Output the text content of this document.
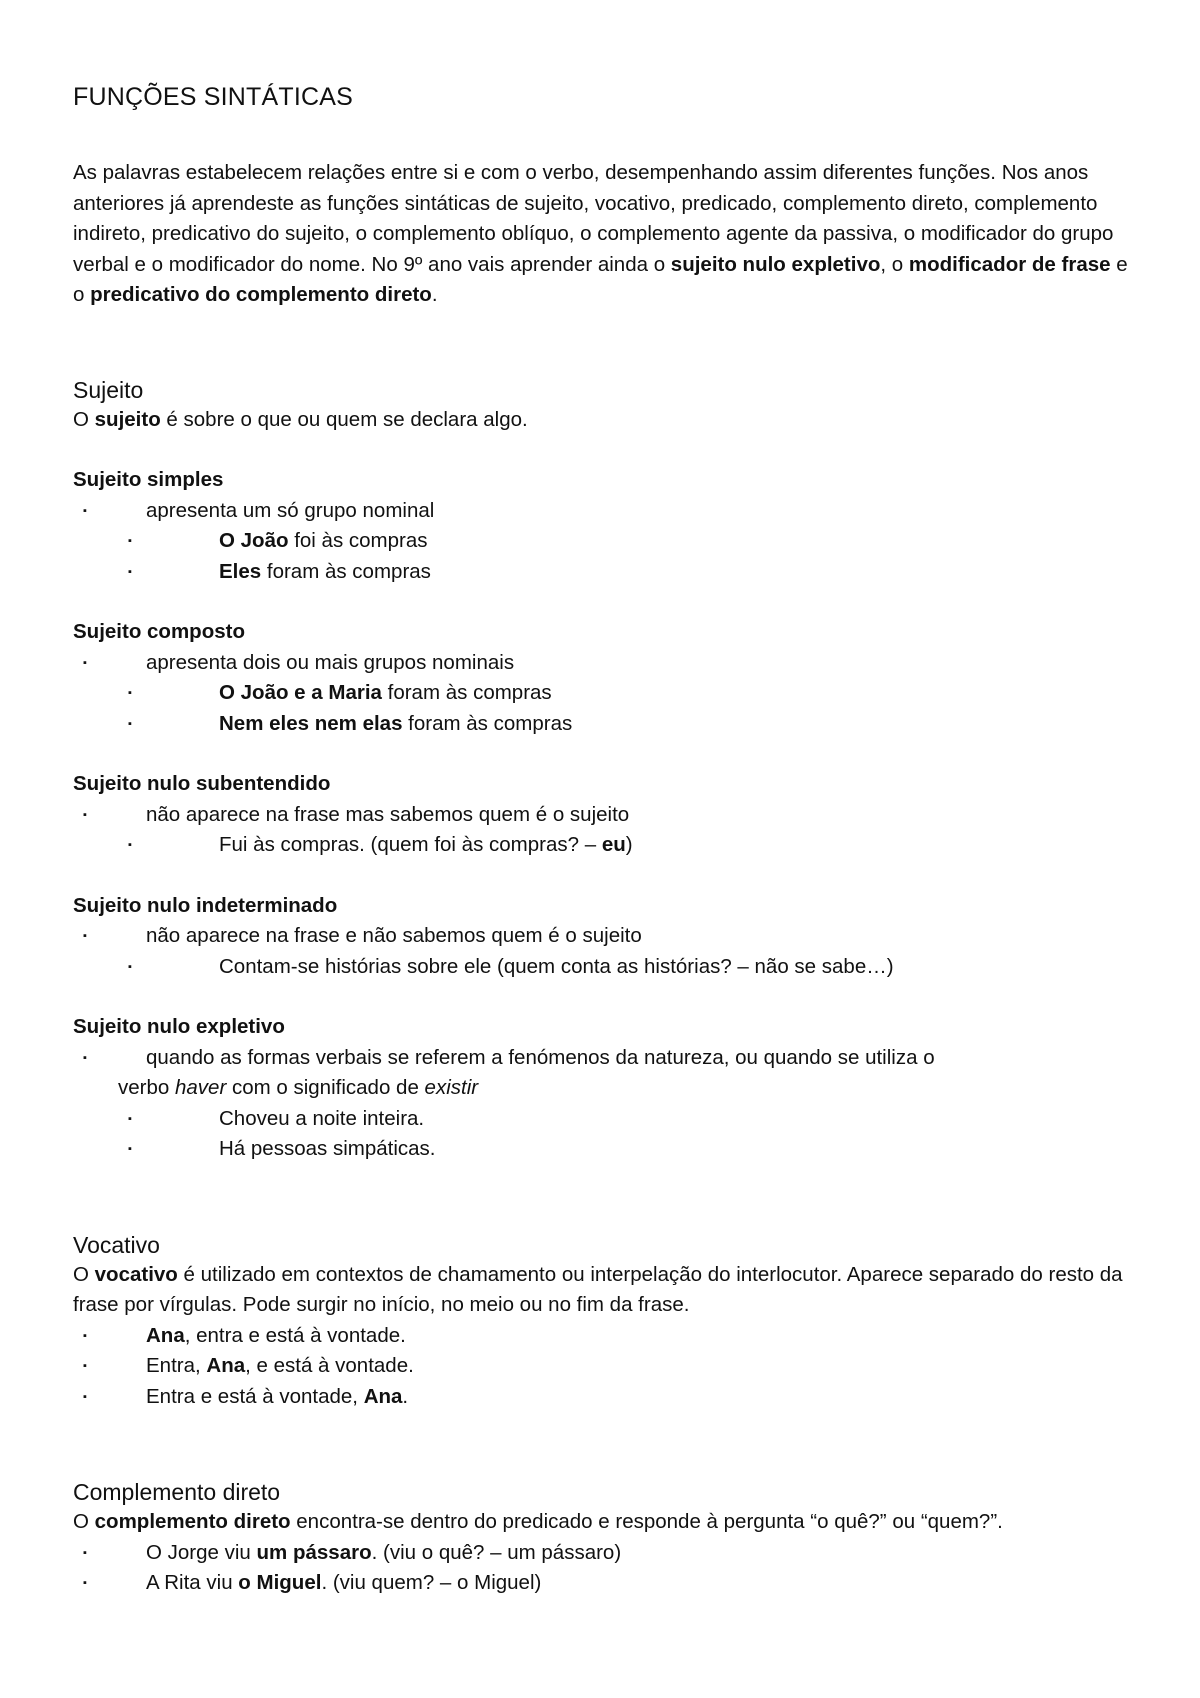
FUNÇÕES SINTÁTICAS

As palavras estabelecem relações entre si e com o verbo, desempenhando assim diferentes funções. Nos anos anteriores já aprendeste as funções sintáticas de sujeito, vocativo, predicado, complemento direto, complemento indireto, predicativo do sujeito, o complemento oblíquo, o complemento agente da passiva, o modificador do grupo verbal e o modificador do nome. No 9º ano vais aprender ainda o sujeito nulo expletivo, o modificador de frase e o predicativo do complemento direto.

Sujeito

O sujeito é sobre o que ou quem se declara algo.

Sujeito simples

▪	apresenta um só grupo nominal
▪	O João foi às compras
▪	Eles foram às compras

Sujeito composto

▪	apresenta dois ou mais grupos nominais
▪	O João e a Maria foram às compras
▪	Nem eles nem elas foram às compras

Sujeito nulo subentendido

▪	não aparece na frase mas sabemos quem é o sujeito
▪	Fui às compras. (quem foi às compras? – eu)

Sujeito nulo indeterminado

▪	não aparece na frase e não sabemos quem é o sujeito
▪	Contam-se histórias sobre ele (quem conta as histórias? – não se sabe…)

Sujeito nulo expletivo

▪	quando as formas verbais se referem a fenómenos da natureza, ou quando se utiliza o
verbo haver com o significado de existir
▪	Choveu a noite inteira.
▪	Há pessoas simpáticas.
Vocativo

O vocativo é utilizado em contextos de chamamento ou interpelação do interlocutor. Aparece separado do resto da frase por vírgulas. Pode surgir no início, no meio ou no fim da frase.

▪	Ana, entra e está à vontade.
▪	Entra, Ana, e está à vontade.
▪	Entra e está à vontade, Ana.
Complemento direto

O complemento direto encontra-se dentro do predicado e responde à pergunta “o quê?” ou “quem?”.

▪	O Jorge viu um pássaro. (viu o quê? – um pássaro)
▪	A Rita viu o Miguel. (viu quem? – o Miguel)
